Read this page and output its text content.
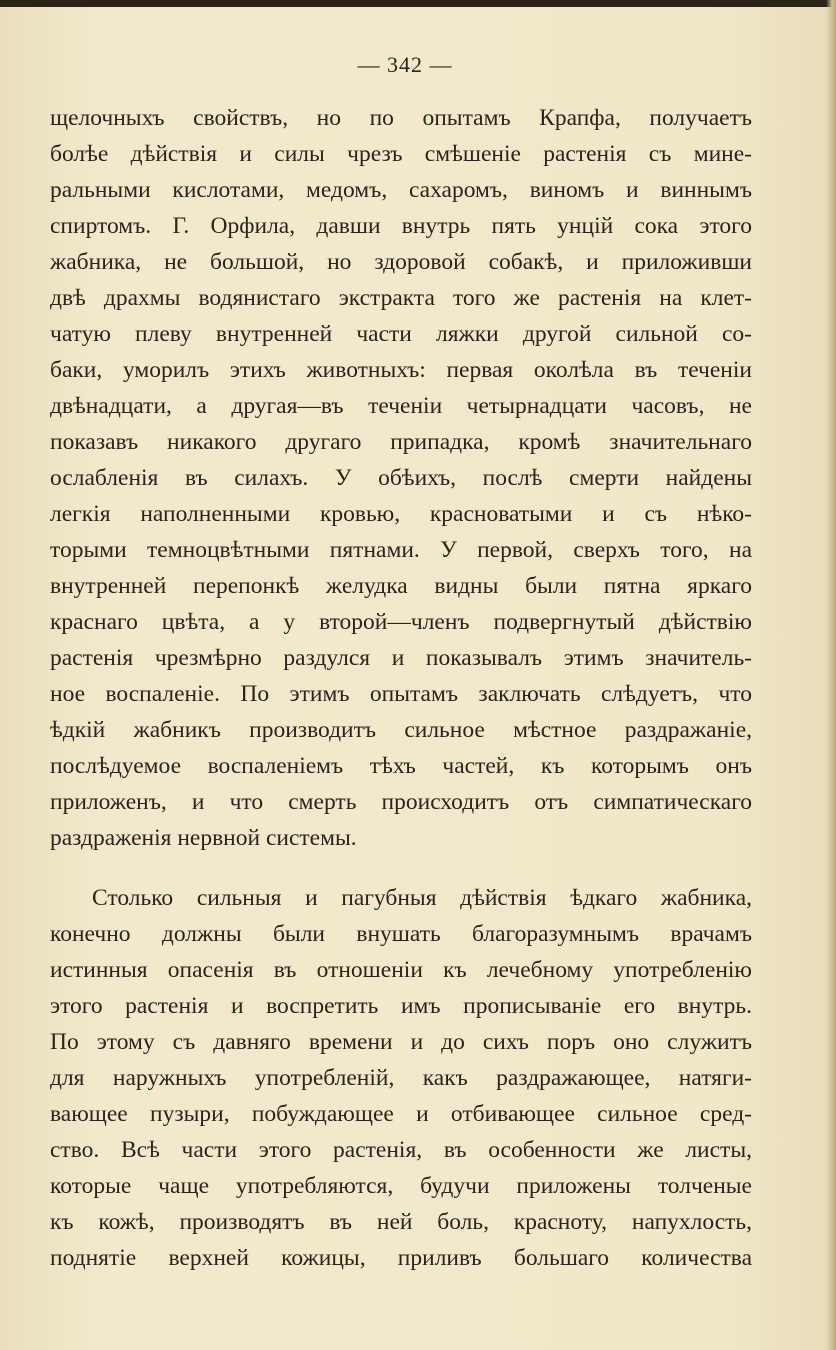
— 342 —
щелочныхъ свойствъ, но по опытамъ Крапфа, получаетъ
болѣе дѣйствія и силы чрезъ смѣшеніе растенія съ мине-
ральными кислотами, медомъ, сахаромъ, виномъ и виннымъ
спиртомъ. Г. Орфила, давши внутрь пять унцій сока этого
жабника, не большой, но здоровой собакѣ, и приложивши
двѣ драхмы водянистаго экстракта того же растенія на клет-
чатую плеву внутренней части ляжки другой сильной со-
баки, уморилъ этихъ животныхъ: первая околѣла въ теченіи
двѣнадцати, а другая—въ теченіи четырнадцати часовъ, не
показавъ никакого другаго припадка, кромѣ значительнаго
ослабленія въ силахъ. У обѣихъ, послѣ смерти найдены
легкія наполненными кровью, красноватыми и съ нѣко-
торыми темноцвѣтными пятнами. У первой, сверхъ того, на
внутренней перепонкѣ желудка видны были пятна яркаго
краснаго цвѣта, а у второй—членъ подвергнутый дѣйствію
растенія чрезмѣрно раздулся и показывалъ этимъ значитель-
ное воспаленіе. По этимъ опытамъ заключать слѣдуетъ, что
ѣдкій жабникъ производитъ сильное мѣстное раздражаніе,
послѣдуемое воспаленіемъ тѣхъ частей, къ которымъ онъ
приложенъ, и что смерть происходитъ отъ симпатическаго
раздраженія нервной системы.
Столько сильныя и пагубныя дѣйствія ѣдкаго жабника,
конечно должны были внушать благоразумнымъ врачамъ
истинныя опасенія въ отношеніи къ лечебному употребленію
этого растенія и воспретить имъ прописываніе его внутрь.
По этому съ давняго времени и до сихъ поръ оно служитъ
для наружныхъ употребленій, какъ раздражающее, натяги-
вающее пузыри, побуждающее и отбивающее сильное сред-
ство. Всѣ части этого растенія, въ особенности же листы,
которые чаще употребляются, будучи приложены толченые
къ кожѣ, производятъ въ ней боль, красноту, напухлость,
поднятіе верхней кожицы, приливъ большаго количества
